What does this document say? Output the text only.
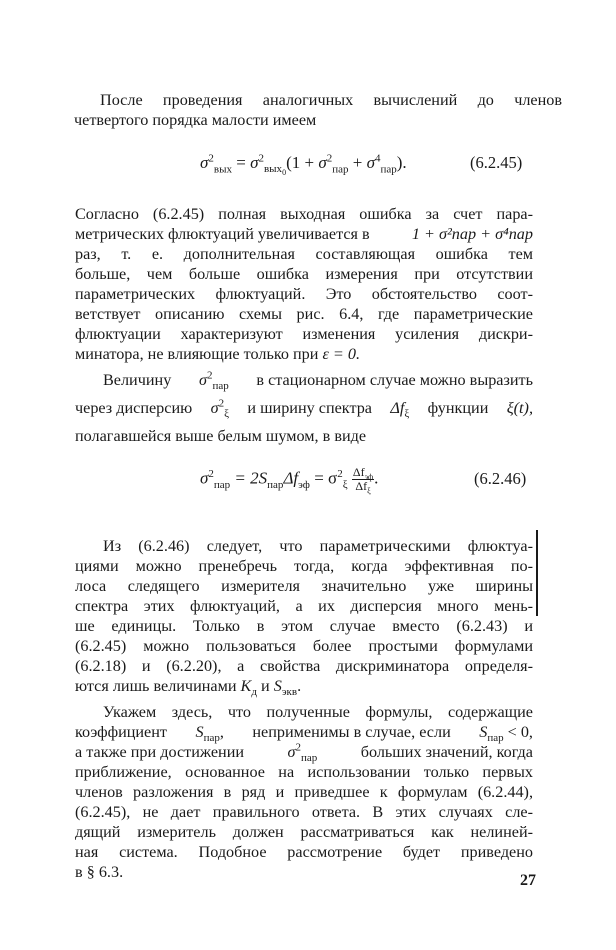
После проведения аналогичных вычислений до членов
четвертого порядка малости имеем

$\sigma^2_{вых} = \sigma^2_{вых_0}(1 + \sigma^2_{пар} + \sigma^4_{пар})$.	(6.2.45)
Согласно (6.2.45) полная выходная ошибка за счет пара-
метрических флюктуаций увеличивается в	1 + σ²пар + σ⁴пар
раз, т. е. дополнительная составляющая ошибка тем
больше, чем больше ошибка измерения при отсутствии
параметрических флюктуаций. Это обстоятельство соот-
ветствует описанию схемы рис. 6.4, где параметрические
флюктуации характеризуют изменения усиления дискри-
минатора, не влияющие только при ε = 0.
Величину $\sigma^2_{пар}$ в стационарном случае можно выразить
через дисперсию $\sigma^2_\xi$ и ширину спектра $\Delta f_\xi$ функции ξ(t),
полагавшейся выше белым шумом, в виде
$\sigma^2_{пар} = 2S_{пар}\Delta f_{эф} = \sigma^2_\xi \frac{\Delta f_{эф}}{\Delta f_\xi}$ .	(6.2.46)
Из (6.2.46) следует, что параметрическими флюктуа-
циями можно пренебречь тогда, когда эффективная по-
лоса следящего измерителя значительно уже ширины
спектра этих флюктуаций, а их дисперсия много мень-
ше единицы. Только в этом случае вместо (6.2.43) и
(6.2.45) можно пользоваться более простыми формулами
(6.2.18) и (6.2.20), а свойства дискриминатора определя-
ются лишь величинами $K_д$ и $S_{экв}$.
Укажем здесь, что полученные формулы, содержащие
коэффициент $S_{пар}$, неприменимы в случае, если $S_{пар} < 0$,
а также при достижении	$\sigma^2_{пар}$	больших значений, когда
приближение, основанное на использовании только первых
членов разложения в ряд и приведшее к формулам (6.2.44),
(6.2.45), не дает правильного ответа. В этих случаях сле-
дящий измеритель должен рассматриваться как нелиней-
ная система. Подобное рассмотрение будет приведено
в § 6.3.	27
